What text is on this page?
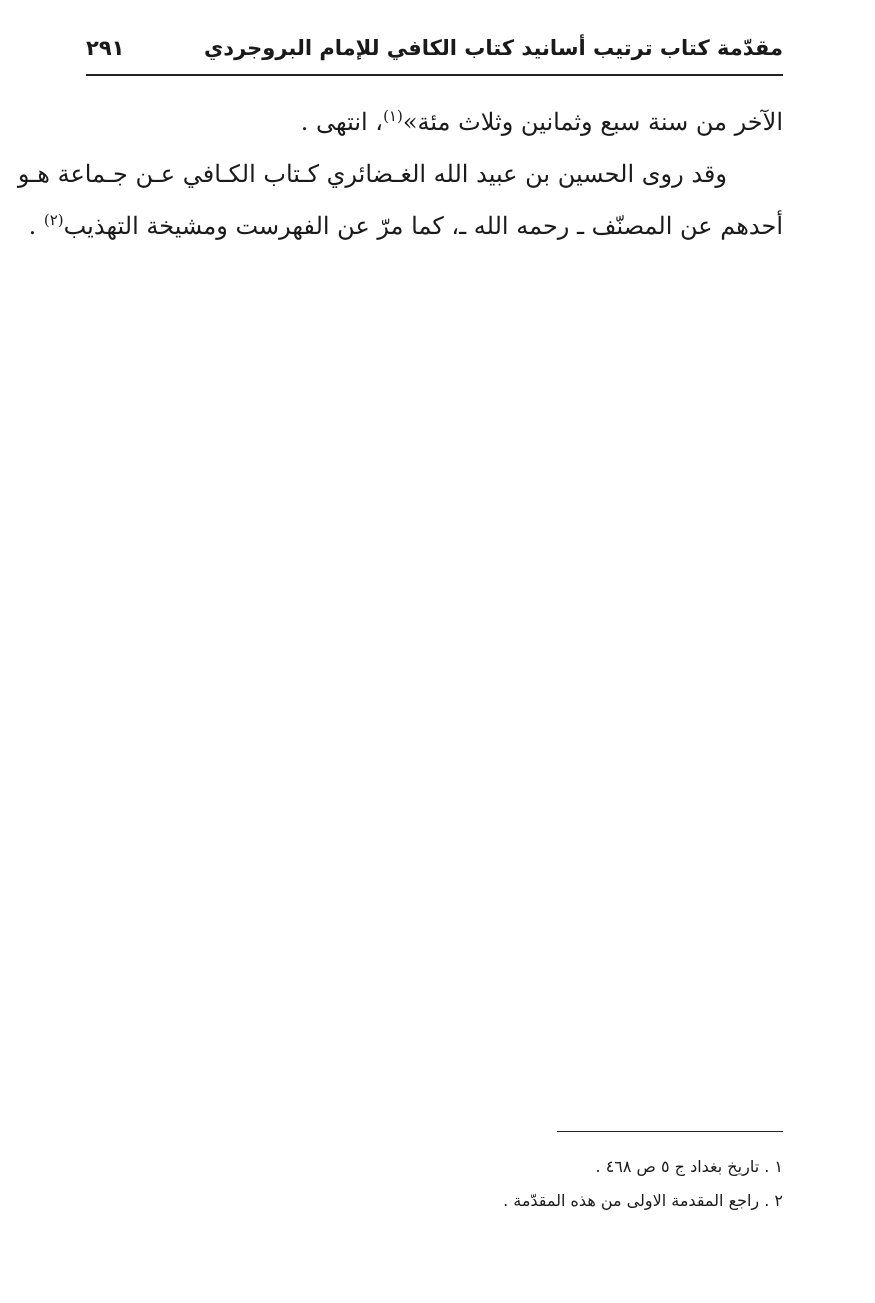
مقدّمة كتاب ترتيب أسانيد كتاب الكافي للإمام البروجردي
٢٩١

الآخر من سنة سبع وثمانين وثلاث مئة»$^{(١)}$، انتهى .

وقد روى الحسين بن عبيد الله الغـضائري كـتاب الكـافي عـن جـماعة هـو

أحدهم عن المصنّف ـ رحمه الله ـ، كما مرّ عن الفهرست ومشيخة التهذيب$^{(٢)}$ .

١ . تاريخ بغداد ج ٥ ص ٤٦٨ .

٢ . راجع المقدمة الاولى من هذه المقدّمة .
